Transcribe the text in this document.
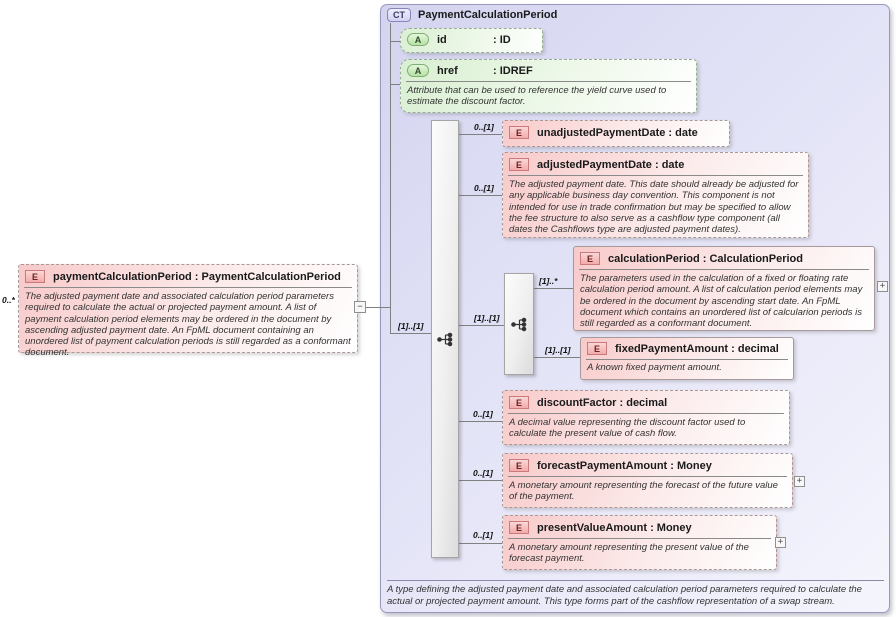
CT	PaymentCalculationPeriod
A type defining the adjusted payment date and associated calculation period parameters required to calculate the actual or projected payment amount. This type forms part of the cashflow representation of a swap stream.
0..*
E	paymentCalculationPeriod : PaymentCalculationPeriod
The adjusted payment date and associated calculation period parameters required to calculate the actual or projected payment amount. A list of payment calculation period elements may be ordered in the document by ascending adjusted payment date. An FpML document containing an unordered list of payment calculation periods is still regarded as a conformant document.
−
A	id	: ID
A	href	: IDREF
Attribute that can be used to reference the yield curve used to estimate the discount factor.
[1]..[1]
[1]..[1]
0..[1]
E	unadjustedPaymentDate : date
0..[1]
E	adjustedPaymentDate : date
The adjusted payment date. This date should already be adjusted for any applicable business day convention. This component is not intended for use in trade confirmation but may be specified to allow the fee structure to also serve as a cashflow type component (all dates the Cashflows type are adjusted payment dates).
[1]..*
E	calculationPeriod : CalculationPeriod
The parameters used in the calculation of a fixed or floating rate calculation period amount. A list of calculation period elements may be ordered in the document by ascending start date. An FpML document which contains an unordered list of calcularion periods is still regarded as a conformant document.
+
[1]..[1]	E	fixedPaymentAmount : decimal
A known fixed payment amount.
0..[1]
E	discountFactor : decimal
A decimal value representing the discount factor used to calculate the present value of cash flow.
0..[1]
E	forecastPaymentAmount : Money
A monetary amount representing the forecast of the future value of the payment.
+
0..[1]
E	presentValueAmount : Money
A monetary amount representing the present value of the forecast payment.
+
